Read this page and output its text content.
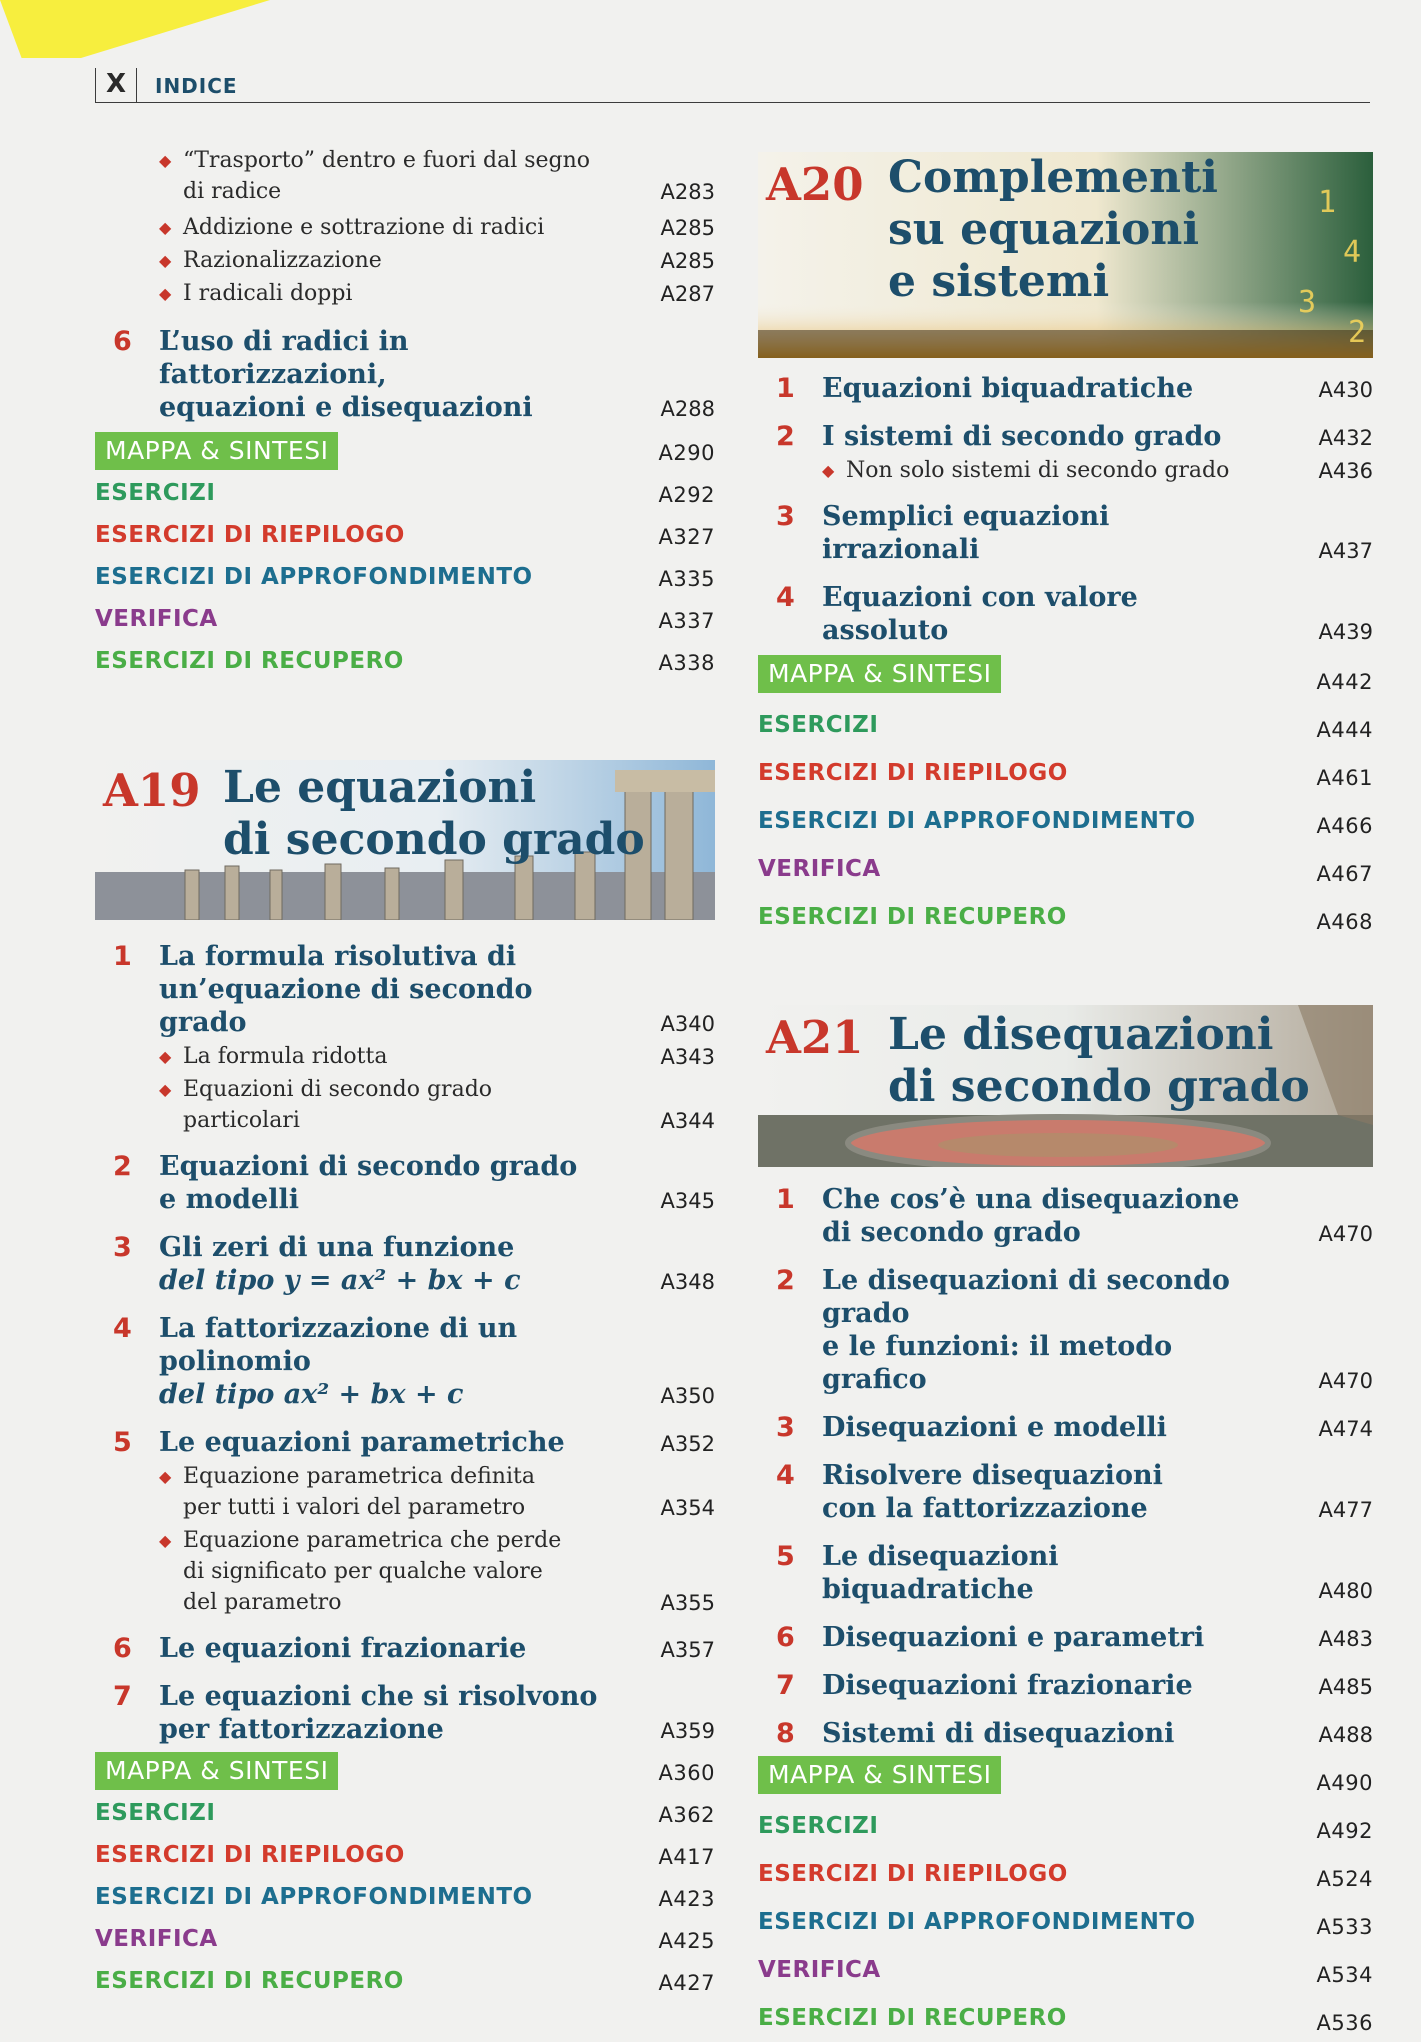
X	INDICE
◆ “Trasporto” dentro e fuori dal segno
di radice	A283
◆ Addizione e sottrazione di radici	A285
◆ Razionalizzazione	A285
◆ I radicali doppi	A287
6 L’uso di radici in fattorizzazioni,
equazioni e disequazioni	A288
MAPPA & SINTESI	A290
ESERCIZI	A292
ESERCIZI DI RIEPILOGO	A327
ESERCIZI DI APPROFONDIMENTO	A335
VERIFICA	A337
ESERCIZI DI RECUPERO	A338
A19 Le equazioni
di secondo grado
1 La formula risolutiva di
un’equazione di secondo grado	A340
◆ La formula ridotta	A343
◆ Equazioni di secondo grado particolari	A344
2 Equazioni di secondo grado
e modelli	A345
3 Gli zeri di una funzione
del tipo y = ax² + bx + c	A348
4 La fattorizzazione di un polinomio
del tipo ax² + bx + c	A350
5 Le equazioni parametriche	A352
◆ Equazione parametrica definita
per tutti i valori del parametro	A354
◆ Equazione parametrica che perde
di significato per qualche valore
del parametro	A355
6 Le equazioni frazionarie	A357
7 Le equazioni che si risolvono
per fattorizzazione	A359
MAPPA & SINTESI	A360
ESERCIZI	A362
ESERCIZI DI RIEPILOGO	A417
ESERCIZI DI APPROFONDIMENTO	A423
VERIFICA	A425
ESERCIZI DI RECUPERO	A427
1
4
3
2
A20 Complementi
su equazioni
e sistemi
1 Equazioni biquadratiche	A430
2 I sistemi di secondo grado	A432
◆ Non solo sistemi di secondo grado	A436
3 Semplici equazioni irrazionali	A437
4 Equazioni con valore assoluto	A439
MAPPA & SINTESI	A442
ESERCIZI	A444
ESERCIZI DI RIEPILOGO	A461
ESERCIZI DI APPROFONDIMENTO	A466
VERIFICA	A467
ESERCIZI DI RECUPERO	A468
A21 Le disequazioni
di secondo grado
1 Che cos’è una disequazione
di secondo grado	A470
2 Le disequazioni di secondo grado
e le funzioni: il metodo grafico	A470
3 Disequazioni e modelli	A474
4 Risolvere disequazioni
con la fattorizzazione	A477
5 Le disequazioni biquadratiche	A480
6 Disequazioni e parametri	A483
7 Disequazioni frazionarie	A485
8 Sistemi di disequazioni	A488
MAPPA & SINTESI	A490
ESERCIZI	A492
ESERCIZI DI RIEPILOGO	A524
ESERCIZI DI APPROFONDIMENTO	A533
VERIFICA	A534
ESERCIZI DI RECUPERO	A536
